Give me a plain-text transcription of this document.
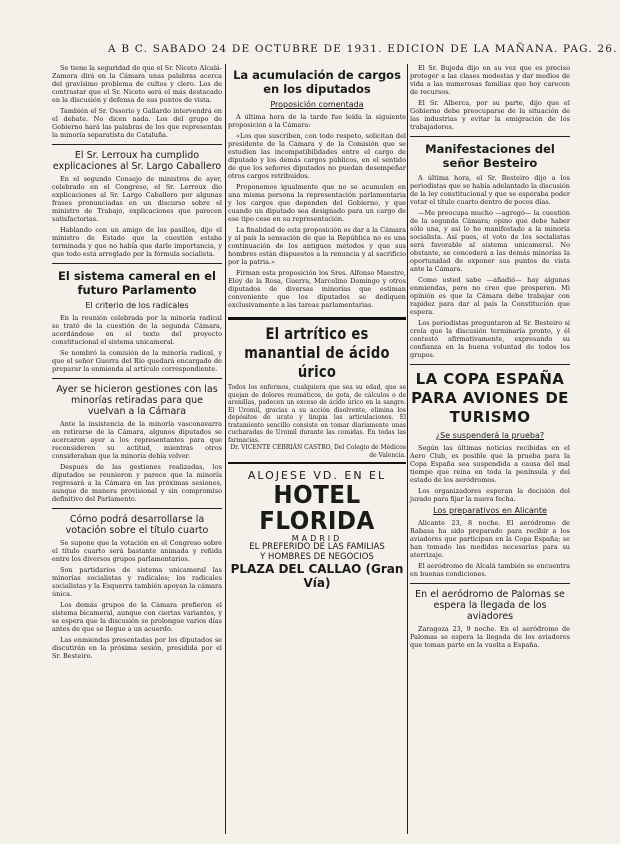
A B C. SABADO 24 DE OCTUBRE DE 1931. EDICION DE LA MAÑANA. PAG. 26.

Se tiene la seguridad de que el Sr. Niceto Alcalá-Zamora dirá en la Cámara unas palabras acerca del gravísimo problema de cultos y clero. Los de contrastar que el Sr. Niceto será el más destacado en la discusión y defensa de sus puntos de vista.

También el Sr. Ossorio y Gallardo intervendrá en el debate. No dicen nada. Los del grupo de Gobierno hará las palabras de los que representan la minoría separatista de Cataluña.

El Sr. Lerroux ha cumplido explicaciones al Sr. Largo Caballero

En el segundo Consejo de ministros de ayer, celebrado en el Congreso, el Sr. Lerroux dio explicaciones al Sr. Largo Caballero por algunas frases pronunciadas en un discurso sobre el ministro de Trabajo, explicaciones que parecen satisfactorias.

Hablando con un amigo de los pasillos, dijo el ministro de Estado que la cuestión estaba terminada y que no había que darle importancia, y que todo está arreglado por la fórmula socialista.

El sistema cameral en el futuro Parlamento
El criterio de los radicales

En la reunión celebrada por la minoría radical se trató de la cuestión de la segunda Cámara, acordándose en el texto del proyecto constitucional el sistema unicameral.

Se nombró la comisión de la minoría radical, y que el señor Guerra del Río quedará encargado de preparar la enmienda al artículo correspondiente.

Ayer se hicieron gestiones con las minorías retiradas para que vuelvan a la Cámara

Ante la insistencia de la minoría vasconavarra en retirarse de la Cámara, algunos diputados se acercaron ayer a los representantes para que reconsideren su actitud, mientras otros consideraban que la minoría debía volver.

Después de las gestiones realizadas, los diputados se reunieron y parece que la minoría regresará a la Cámara en las próximas sesiones, aunque de manera provisional y sin compromiso definitivo del Parlamento.

Cómo podrá desarrollarse la votación sobre el título cuarto

Se supone que la votación en el Congreso sobre el título cuarto será bastante animada y reñida entre los diversos grupos parlamentarios.

Son partidarios de sistema unicameral las minorías socialistas y radicales; los radicales socialistas y la Esquerra también apoyan la cámara única.

Los demás grupos de la Cámara prefieren el sistema bicameral, aunque con ciertas variantes, y se espera que la discusión se prolongue varios días antes de que se llegue a un acuerdo.

Las enmiendas presentadas por los diputados se discutirán en la próxima sesión, presidida por el Sr. Besteiro.

La acumulación de cargos en los diputados
Proposición comentada

A última hora de la tarde fue leída la siguiente proposición a la Cámara:

«Los que suscriben, con todo respeto, solicitan del presidente de la Cámara y de la Comisión que se estudien las incompatibilidades entre el cargo de diputado y los demás cargos públicos, en el sentido de que los señores diputados no puedan desempeñar otros cargos retribuidos.

Proponemos igualmente que no se acumulen en una misma persona la representación parlamentaria y los cargos que dependen del Gobierno, y que cuando un diputado sea designado para un cargo de ese tipo cese en su representación.

La finalidad de esta proposición es dar a la Cámara y al país la sensación de que la República no es una continuación de los antiguos métodos y que sus hombres están dispuestos a la renuncia y al sacrificio por la patria.»

Firman esta proposición los Sres. Alfonso Maestre, Eloy de la Rosa, Guerra, Marcelino Domingo y otros diputados de diversas minorías que estiman conveniente que los diputados se dediquen exclusivamente a las tareas parlamentarias.

El artrítico es manantial de ácido úrico
Todos los enfermos, cualquiera que sea su edad, que se quejan de dolores reumáticos, de gota, de cálculos o de arenillas, padecen un exceso de ácido úrico en la sangre. El Uromil, gracias a su acción disolvente, elimina los depósitos de urato y limpia las articulaciones. El tratamiento sencillo consiste en tomar diariamente unas cucharadas de Uromil durante las comidas. En todas las farmacias.
Dr. VICENTE CEBRIÁN CASTRO, Del Colegio de Médicos de Valencia.
ALOJESE VD. EN EL
HOTEL FLORIDA
MADRID
EL PREFERIDO DE LAS FAMILIAS
Y HOMBRES DE NEGOCIOS
PLAZA DEL CALLAO (Gran Vía)

El Sr. Bujeda dijo en su vez que es preciso proteger a las clases modestas y dar medios de vida a las numerosas familias que hoy carecen de recursos.

El Sr. Alberca, por su parte, dijo que el Gobierno debe preocuparse de la situación de las industrias y evitar la emigración de los trabajadores.

Manifestaciones del señor Besteiro

A última hora, el Sr. Besteiro dijo a los periodistas que se había adelantado la discusión de la ley constitucional y que se esperaba poder votar el título cuarto dentro de pocos días.

—Me preocupa mucho —agregó— la cuestión de la segunda Cámara; opino que debe haber sólo una, y así lo he manifestado a la minoría socialista. Así pues, el voto de los socialistas será favorable al sistema unicameral. No obstante, se concederá a las demás minorías la oportunidad de exponer sus puntos de vista ante la Cámara.

Como usted sabe —añadió— hay algunas enmiendas, pero no creo que prosperen. Mi opinión es que la Cámara debe trabajar con rapidez para dar al país la Constitución que espera.

Los periodistas preguntaron al Sr. Besteiro si creía que la discusión terminaría pronto, y él contestó afirmativamente, expresando su confianza en la buena voluntad de todos los grupos.

LA COPA ESPAÑA PARA AVIONES DE TURISMO
¿Se suspenderá la prueba?

Según las últimas noticias recibidas en el Aero Club, es posible que la prueba para la Copa España sea suspendida a causa del mal tiempo que reina en toda la península y del estado de los aeródromos.

Los organizadores esperan la decisión del jurado para fijar la nueva fecha.

Los preparativos en Alicante

Alicante 23, 8 noche. El aeródromo de Rabasa ha sido preparado para recibir a los aviadores que participan en la Copa España; se han tomado las medidas necesarias para su aterrizaje.

El aeródromo de Alcalá también se encuentra en buenas condiciones.

En el aeródromo de Palomas se espera la llegada de los aviadores

Zaragoza 23, 9 noche. En el aeródromo de Palomas se espera la llegada de los aviadores que toman parte en la vuelta a España.
